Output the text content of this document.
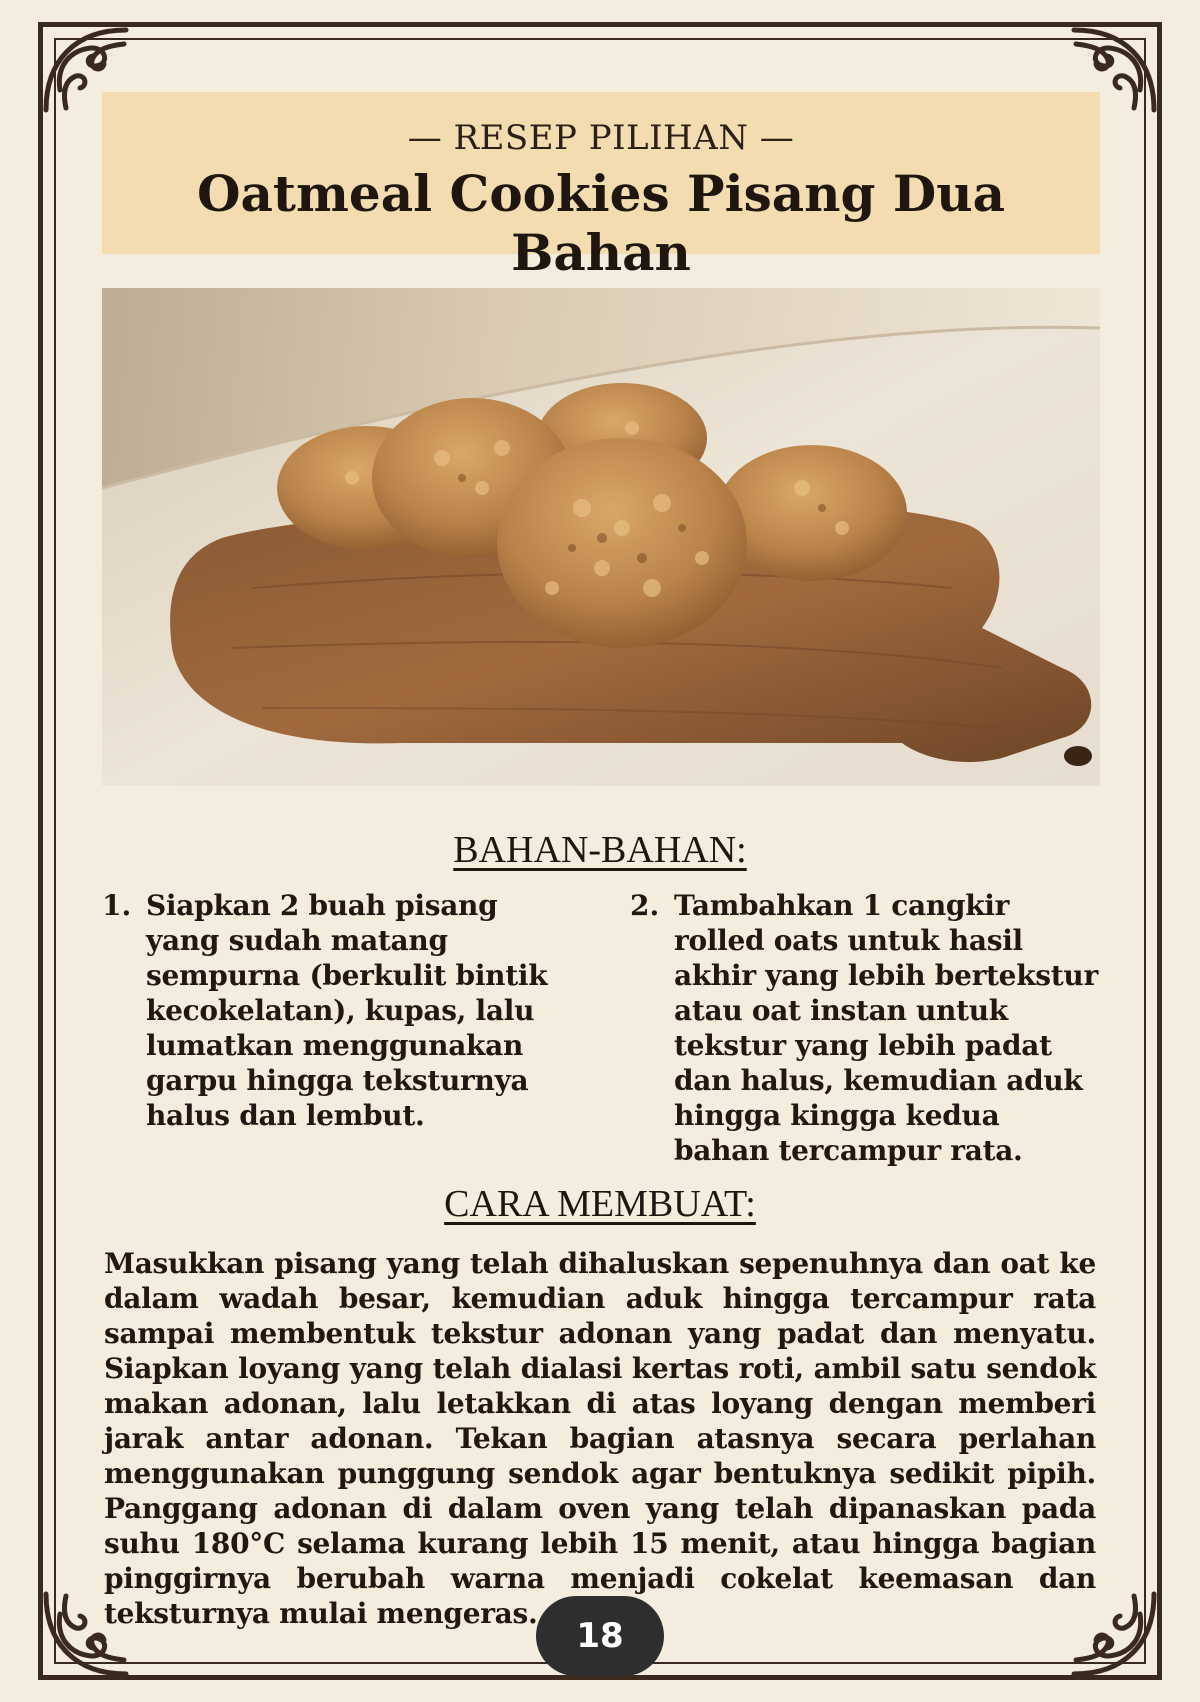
— RESEP PILIHAN —
Oatmeal Cookies Pisang Dua Bahan
BAHAN-BAHAN:
1. Siapkan 2 buah pisang yang sudah matang sempurna (berkulit bintik kecokelatan), kupas, lalu lumatkan menggunakan garpu hingga teksturnya halus dan lembut.
2. Tambahkan 1 cangkir rolled oats untuk hasil akhir yang lebih bertekstur atau oat instan untuk tekstur yang lebih padat dan halus, kemudian aduk hingga kingga kedua bahan tercampur rata.
CARA MEMBUAT:

Masukkan pisang yang telah dihaluskan sepenuhnya dan oat ke dalam wadah besar, kemudian aduk hingga tercampur rata sampai membentuk tekstur adonan yang padat dan menyatu. Siapkan loyang yang telah dialasi kertas roti, ambil satu sendok makan adonan, lalu letakkan di atas loyang dengan memberi jarak antar adonan. Tekan bagian atasnya secara perlahan menggunakan punggung sendok agar bentuknya sedikit pipih. Panggang adonan di dalam oven yang telah dipanaskan pada suhu 180°C selama kurang lebih 15 menit, atau hingga bagian pinggirnya berubah warna menjadi cokelat keemasan dan teksturnya mulai mengeras.

18
